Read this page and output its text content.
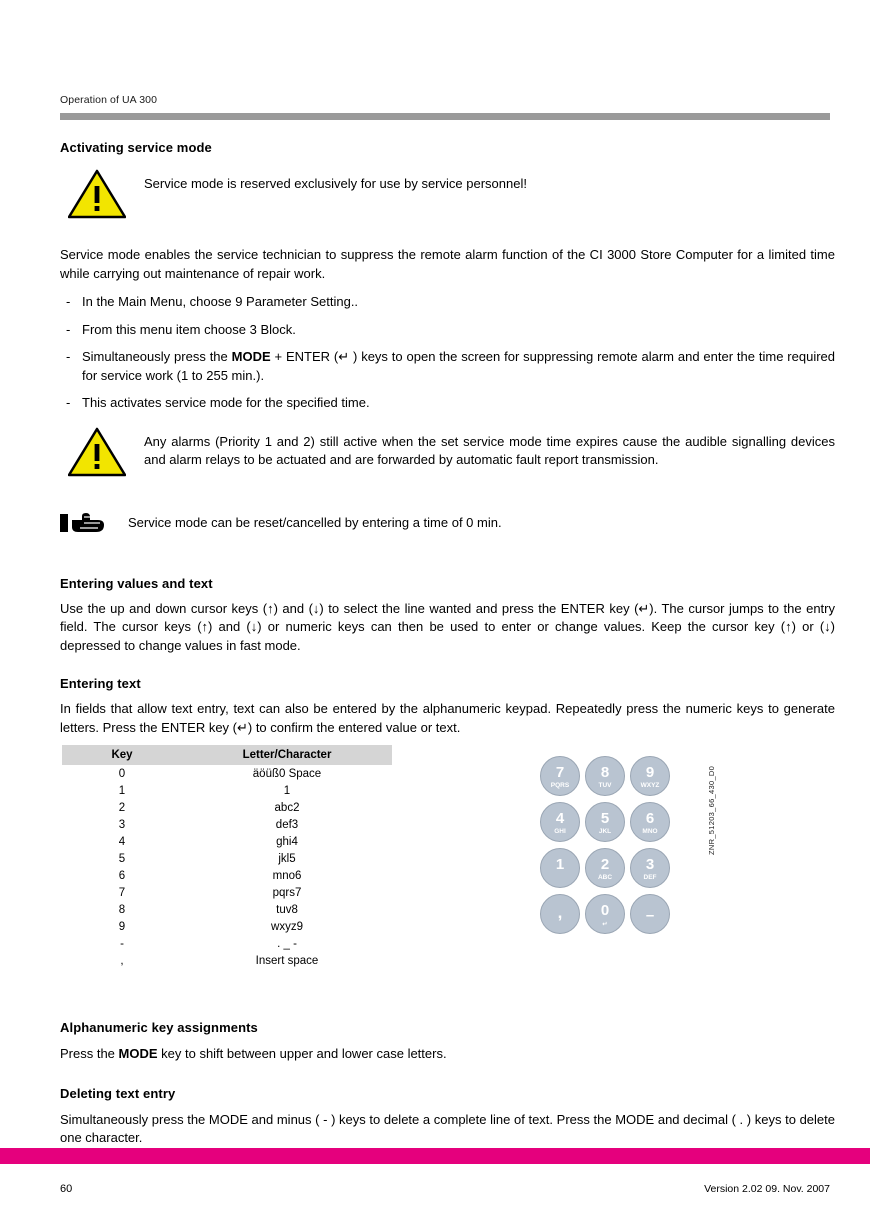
Operation of UA 300
Activating service mode
Service mode is reserved exclusively for use by service personnel!

Service mode enables the service technician to suppress the remote alarm function of the CI 3000 Store Computer for a limited time while carrying out maintenance of repair work.

- In the Main Menu, choose 9 Parameter Setting..
- From this menu item choose 3 Block.
- Simultaneously press the MODE + ENTER (↵ ) keys to open the screen for suppressing remote alarm and enter the time required for service work (1 to 255 min.).
- This activates service mode for the specified time.
Any alarms (Priority 1 and 2) still active when the set service mode time expires cause the audible signalling devices and alarm relays to be actuated and are forwarded by automatic fault report transmission.
Service mode can be reset/cancelled by entering a time of 0 min.
Entering values and text

Use the up and down cursor keys (↑) and (↓) to select the line wanted and press the ENTER key (↵). The cursor jumps to the entry field. The cursor keys (↑) and (↓) or numeric keys can then be used to enter or change values. Keep the cursor key (↑) or (↓) depressed to change values in fast mode.

Entering text

In fields that allow text entry, text can also be entered by the alphanumeric keypad. Repeatedly press the numeric keys to generate letters. Press the ENTER key (↵) to confirm the entered value or text.

Key	Letter/Character
0	äöüß0 Space
1	1
2	abc2
3	def3
4	ghi4
5	jkl5
6	mno6
7	pqrs7
8	tuv8
9	wxyz9
-	. _ -
,	Insert space
7
PQRS
8
TUV
9
WXYZ
4
GHI
5
JKL
6
MNO
1	2
ABC
3
DEF
,	0
↵	–
ZNR_51203_66_430_D0
Alphanumeric key assignments

Press the MODE key to shift between upper and lower case letters.

Deleting text entry

Simultaneously press the MODE and minus ( - ) keys to delete a complete line of text. Press the MODE and decimal ( . ) keys to delete one character.

60	Version 2.02 09. Nov. 2007
